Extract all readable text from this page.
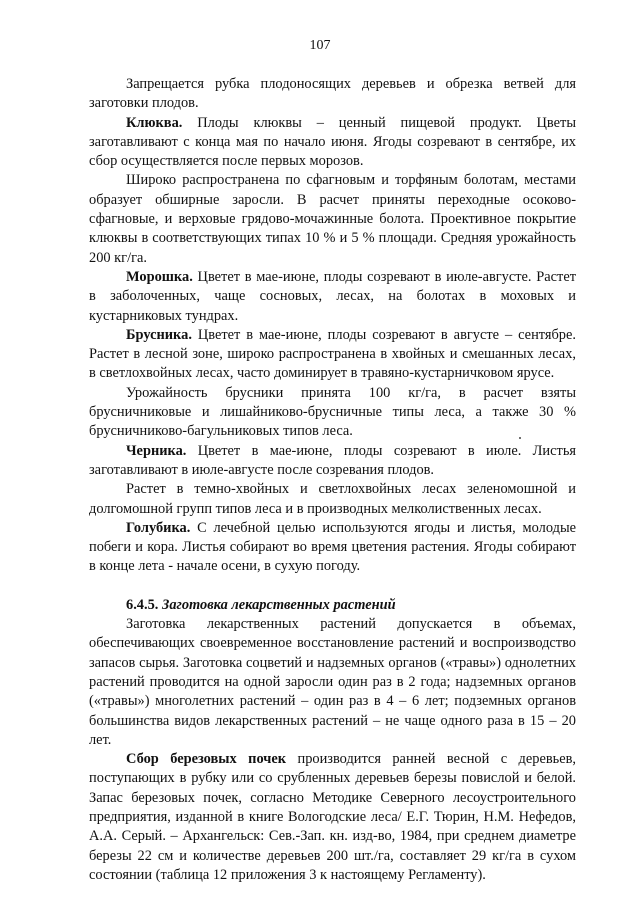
107

Запрещается рубка плодоносящих деревьев и обрезка ветвей для заготовки плодов.

Клюква. Плоды клюквы – ценный пищевой продукт. Цветы заготавливают с конца мая по начало июня. Ягоды созревают в сентябре, их сбор осуществляется после первых морозов.

Широко распространена по сфагновым и торфяным болотам, местами образует обширные заросли. В расчет приняты переходные осоково-сфагновые, и верховые грядово-мочажинные болота. Проективное покрытие клюквы в соответствующих типах 10 % и 5 % площади. Средняя урожайность 200 кг/га.

Морошка. Цветет в мае-июне, плоды созревают в июле-августе. Растет в заболоченных, чаще сосновых, лесах, на болотах в моховых и кустарниковых тундрах.

Брусника. Цветет в мае-июне, плоды созревают в августе – сентябре. Растет в лесной зоне, широко распространена в хвойных и смешанных лесах, в светлохвойных лесах, часто доминирует в травяно-кустарничковом ярусе.

Урожайность брусники принята 100 кг/га, в расчет взяты брусничниковые и лишайниково-брусничные типы леса, а также 30 % брусничниково-багульниковых типов леса.

Черника. Цветет в мае-июне, плоды созревают в июле. Листья заготавливают в июле-августе после созревания плодов.

Растет в темно-хвойных и светлохвойных лесах зеленомошной и долгомошной групп типов леса и в производных мелколиственных лесах.

Голубика. С лечебной целью используются ягоды и листья, молодые побеги и кора. Листья собирают во время цветения растения. Ягоды собирают в конце лета - начале осени, в сухую погоду.

6.4.5. Заготовка лекарственных растений

Заготовка лекарственных растений допускается в объемах, обеспечивающих своевременное восстановление растений и воспроизводство запасов сырья. Заготовка соцветий и надземных органов («травы») однолетних растений проводится на одной заросли один раз в 2 года; надземных органов («травы») многолетних растений – один раз в 4 – 6 лет; подземных органов большинства видов лекарственных растений – не чаще одного раза в 15 – 20 лет.

Сбор березовых почек производится ранней весной с деревьев, поступающих в рубку или со срубленных деревьев березы повислой и белой. Запас березовых почек, согласно Методике Северного лесоустроительного предприятия, изданной в книге Вологодские леса/ Е.Г. Тюрин, Н.М. Нефедов, А.А. Серый. – Архангельск: Сев.-Зап. кн. изд-во, 1984, при среднем диаметре березы 22 см и количестве деревьев 200 шт./га, составляет 29 кг/га в сухом состоянии (таблица 12 приложения 3 к настоящему Регламенту).
